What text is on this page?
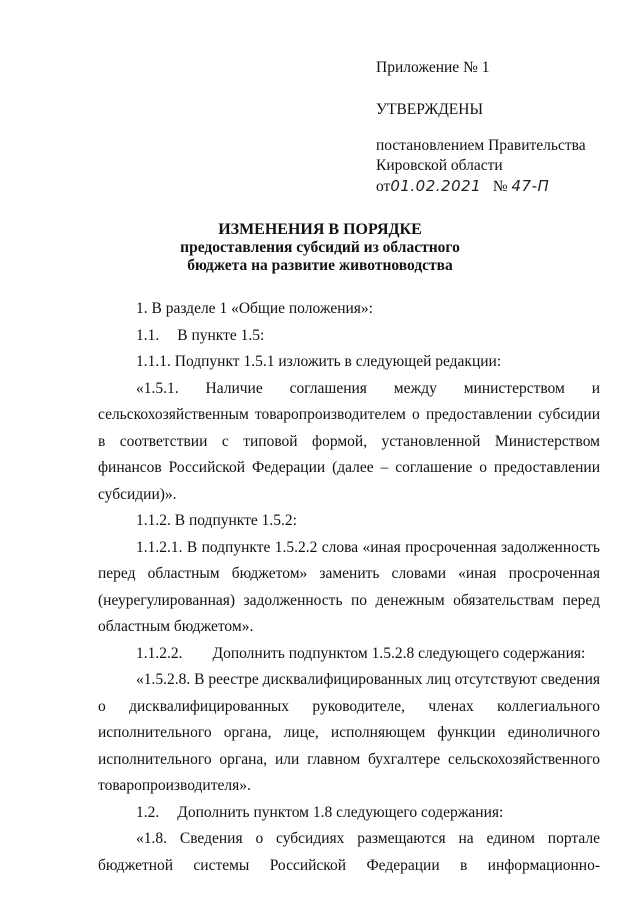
Приложение № 1
УТВЕРЖДЕНЫ
постановлением Правительства
Кировской области
от01.02.2021 № 47-П
ИЗМЕНЕНИЯ В ПОРЯДКЕ
предоставления субсидий из областного
бюджета на развитие животноводства

1. В разделе 1 «Общие положения»:

1.1. В пункте 1.5:

1.1.1. Подпункт 1.5.1 изложить в следующей редакции:

«1.5.1. Наличие соглашения между министерством и сельскохозяйственным товаропроизводителем о предоставлении субсидии в соответствии с типовой формой, установленной Министерством финансов Российской Федерации (далее – соглашение о предоставлении субсидии)».

1.1.2. В подпункте 1.5.2:

1.1.2.1. В подпункте 1.5.2.2 слова «иная просроченная задолженность перед областным бюджетом» заменить словами «иная просроченная (неурегулированная) задолженность по денежным обязательствам перед областным бюджетом».

1.1.2.2. Дополнить подпунктом 1.5.2.8 следующего содержания:

«1.5.2.8. В реестре дисквалифицированных лиц отсутствуют сведения о дисквалифицированных руководителе, членах коллегиального исполнительного органа, лице, исполняющем функции единоличного исполнительного органа, или главном бухгалтере сельскохозяйственного товаропроизводителя».

1.2. Дополнить пунктом 1.8 следующего содержания:

«1.8. Сведения о субсидиях размещаются на едином портале бюджетной системы Российской Федерации в информационно-
